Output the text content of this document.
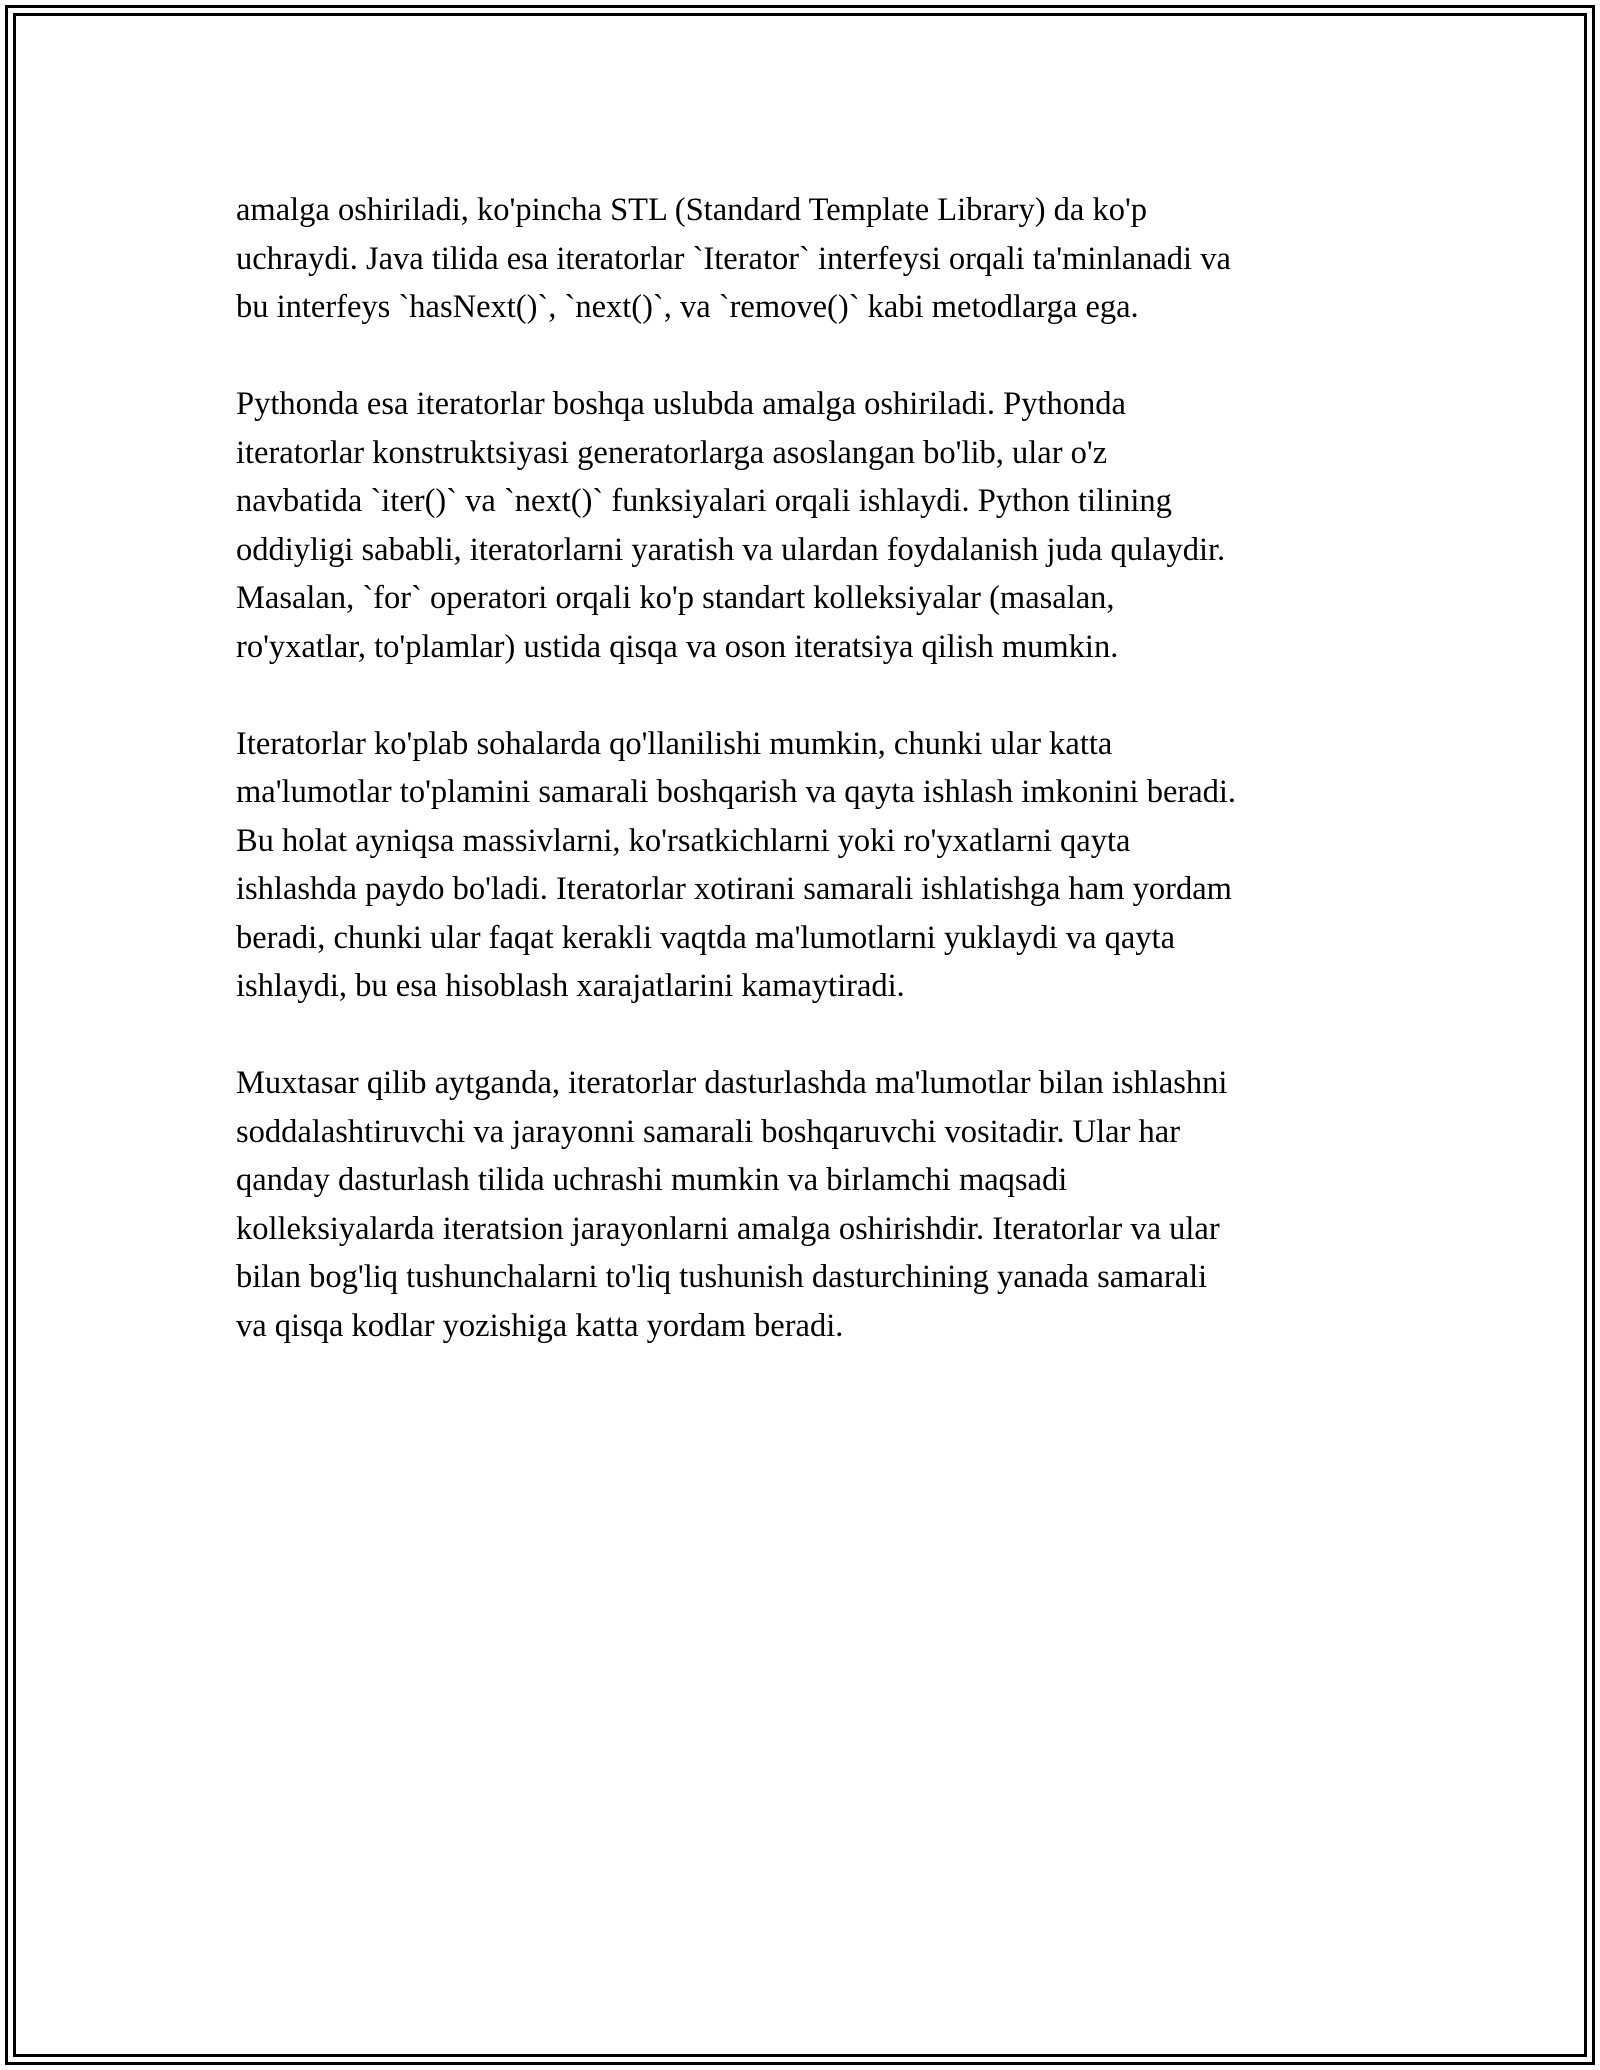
amalga oshiriladi, ko'pincha STL (Standard Template Library) da ko'p
uchraydi. Java tilida esa iteratorlar `Iterator` interfeysi orqali ta'minlanadi va
bu interfeys `hasNext()`, `next()`, va `remove()` kabi metodlarga ega.

Pythonda esa iteratorlar boshqa uslubda amalga oshiriladi. Pythonda
iteratorlar konstruktsiyasi generatorlarga asoslangan bo'lib, ular o'z
navbatida `iter()` va `next()` funksiyalari orqali ishlaydi. Python tilining
oddiyligi sababli, iteratorlarni yaratish va ulardan foydalanish juda qulaydir.
Masalan, `for` operatori orqali ko'p standart kolleksiyalar (masalan,
ro'yxatlar, to'plamlar) ustida qisqa va oson iteratsiya qilish mumkin.

Iteratorlar ko'plab sohalarda qo'llanilishi mumkin, chunki ular katta
ma'lumotlar to'plamini samarali boshqarish va qayta ishlash imkonini beradi.
Bu holat ayniqsa massivlarni, ko'rsatkichlarni yoki ro'yxatlarni qayta
ishlashda paydo bo'ladi. Iteratorlar xotirani samarali ishlatishga ham yordam
beradi, chunki ular faqat kerakli vaqtda ma'lumotlarni yuklaydi va qayta
ishlaydi, bu esa hisoblash xarajatlarini kamaytiradi.

Muxtasar qilib aytganda, iteratorlar dasturlashda ma'lumotlar bilan ishlashni
soddalashtiruvchi va jarayonni samarali boshqaruvchi vositadir. Ular har
qanday dasturlash tilida uchrashi mumkin va birlamchi maqsadi
kolleksiyalarda iteratsion jarayonlarni amalga oshirishdir. Iteratorlar va ular
bilan bog'liq tushunchalarni to'liq tushunish dasturchining yanada samarali
va qisqa kodlar yozishiga katta yordam beradi.
